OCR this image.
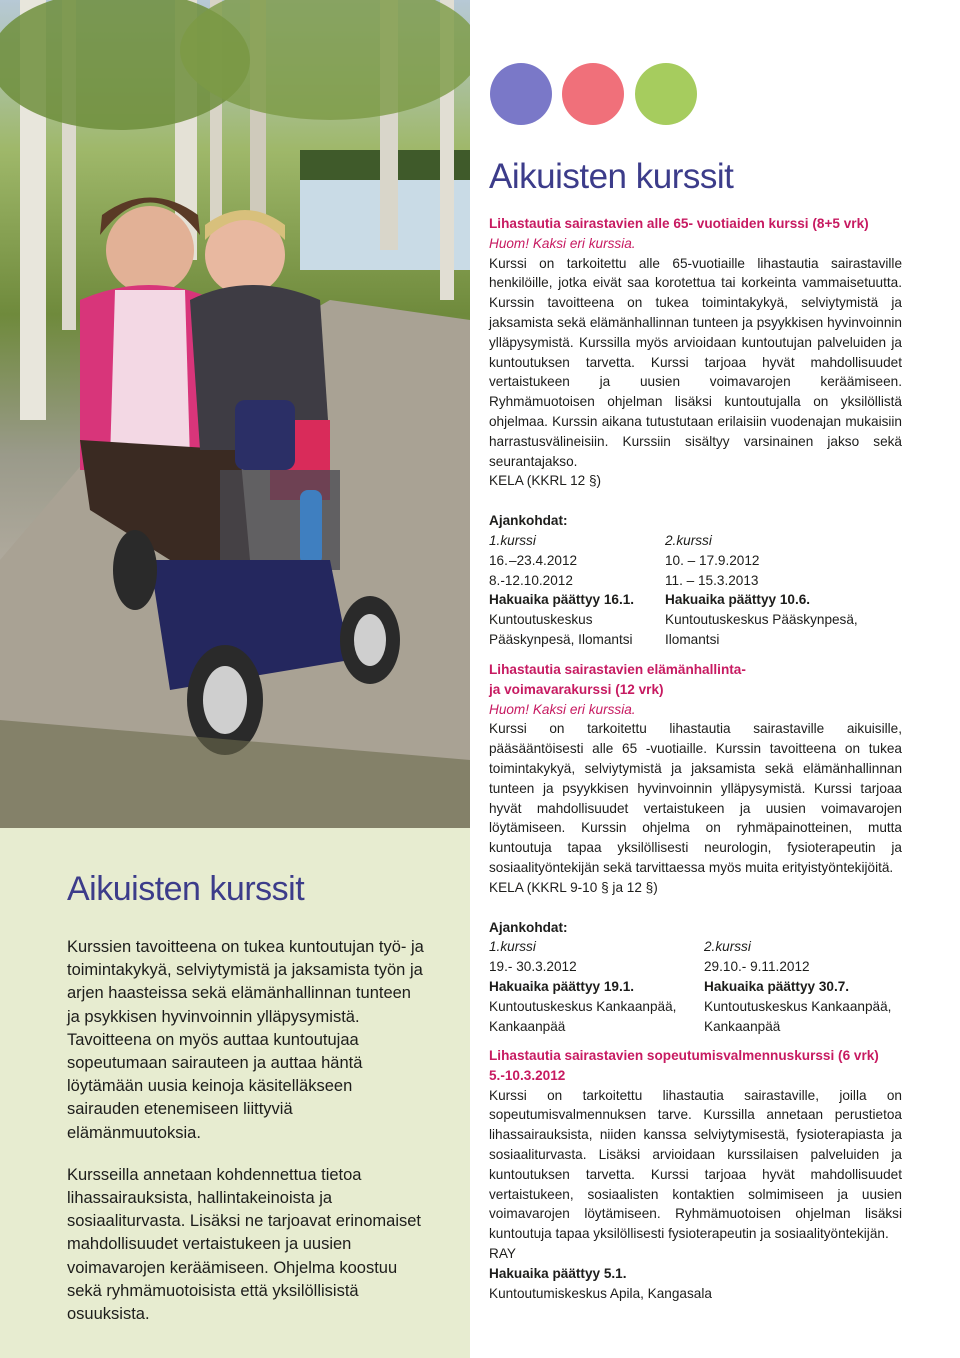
Aikuisten kurssit

Kurssien tavoitteena on tukea kuntoutujan työ- ja toimintakykyä, selviytymistä ja jaksamista työn ja arjen haasteissa sekä elämänhallinnan tunteen ja psykkisen hyvinvoinnin ylläpysymistä. Tavoitteena on myös auttaa kuntoutujaa sopeutumaan sairauteen ja auttaa häntä löytämään uusia keinoja käsitelläkseen sairauden etenemiseen liittyviä elämänmuutoksia.

Kursseilla annetaan kohdennettua tietoa lihassairauksista, hallintakeinoista ja sosiaaliturvasta. Lisäksi ne tarjoavat erinomaiset mahdollisuudet vertaistukeen ja uusien voimavarojen keräämiseen. Ohjelma koostuu sekä ryhmämuotoisista että yksilöllisistä osuuksista.

Aikuisten kurssit
Lihastautia sairastavien alle 65- vuotiaiden kurssi (8+5 vrk)
Huom! Kaksi eri kurssia.
Kurssi on tarkoitettu alle 65-vuotiaille lihastautia sairastaville henkilöille, jotka eivät saa korotettua tai korkeinta vammaisetuutta. Kurssin tavoitteena on tukea toimintakykyä, selviytymistä ja jaksamista sekä elämänhallinnan tunteen ja psyykkisen hyvinvoinnin ylläpysymistä. Kurssilla myös arvioidaan kuntoutujan palveluiden ja kuntoutuksen tarvetta. Kurssi tarjoaa hyvät mahdollisuudet vertaistukeen ja uusien voimavarojen keräämiseen. Ryhmämuotoisen ohjelman lisäksi kuntoutujalla on yksilöllistä ohjelmaa. Kurssin aikana tutustutaan erilaisiin vuodenajan mukaisiin harrastusvälineisiin. Kurssiin sisältyy varsinainen jakso sekä seurantajakso.
KELA (KKRL 12 §)
Ajankohdat:
1.kurssi	2.kurssi
16. –23.4.2012	10. – 17.9.2012
8.-12.10.2012	11. – 15.3.2013
Hakuaika päättyy 16.1.	Hakuaika päättyy 10.6.
Kuntoutuskeskus	Kuntoutuskeskus Pääskynpesä,
Pääskynpesä, Ilomantsi	Ilomantsi
Lihastautia sairastavien elämänhallinta-
ja voimavarakurssi (12 vrk)
Huom! Kaksi eri kurssia.
Kurssi on tarkoitettu lihastautia sairastaville aikuisille, pääsääntöisesti alle 65 -vuotiaille. Kurssin tavoitteena on tukea toimintakykyä, selviytymistä ja jaksamista sekä elämänhallinnan tunteen ja psyykkisen hyvinvoinnin ylläpysymistä. Kurssi tarjoaa hyvät mahdollisuudet vertaistukeen ja uusien voimavarojen löytämiseen. Kurssin ohjelma on ryhmäpainotteinen, mutta kuntoutuja tapaa yksilöllisesti neurologin, fysioterapeutin ja sosiaalityöntekijän sekä tarvittaessa myös muita erityistyöntekijöitä.
KELA (KKRL 9-10 § ja 12 §)
Ajankohdat:
1.kurssi	2.kurssi
19.- 30.3.2012	29.10.- 9.11.2012
Hakuaika päättyy 19.1.	Hakuaika päättyy 30.7.
Kuntoutuskeskus Kankaanpää,	Kuntoutuskeskus Kankaanpää,
Kankaanpää	Kankaanpää
Lihastautia sairastavien sopeutumisvalmennuskurssi (6 vrk)
5.-10.3.2012
Kurssi on tarkoitettu lihastautia sairastaville, joilla on sopeutumisvalmennuksen tarve. Kurssilla annetaan perustietoa lihassairauksista, niiden kanssa selviytymisestä, fysioterapiasta ja sosiaaliturvasta. Lisäksi arvioidaan kurssilaisen palveluiden ja kuntoutuksen tarvetta. Kurssi tarjoaa hyvät mahdollisuudet vertaistukeen, sosiaalisten kontaktien solmimiseen ja uusien voimavarojen löytämiseen. Ryhmämuotoisen ohjelman lisäksi kuntoutuja tapaa yksilöllisesti fysioterapeutin ja sosiaalityöntekijän.
RAY
Hakuaika päättyy 5.1.
Kuntoutumiskeskus Apila, Kangasala
